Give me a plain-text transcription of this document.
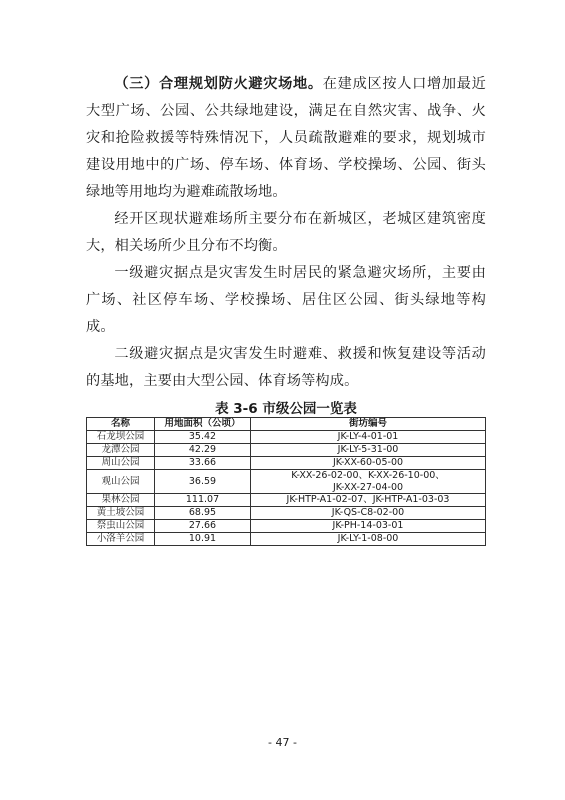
（三）合理规划防火避灾场地。在建成区按人口增加最近大型广场、公园、公共绿地建设，满足在自然灾害、战争、火灾和抢险救援等特殊情况下，人员疏散避难的要求，规划城市建设用地中的广场、停车场、体育场、学校操场、公园、街头绿地等用地均为避难疏散场地。

经开区现状避难场所主要分布在新城区，老城区建筑密度大，相关场所少且分布不均衡。

一级避灾据点是灾害发生时居民的紧急避灾场所，主要由广场、社区停车场、学校操场、居住区公园、街头绿地等构成。

二级避灾据点是灾害发生时避难、救援和恢复建设等活动的基地，主要由大型公园、体育场等构成。

表 3-6 市级公园一览表
名称	用地面积（公顷）	街坊编号
石龙坝公园	35.42	JK-LY-4-01-01
龙潭公园	42.29	JK-LY-5-31-00
周山公园	33.66	JK-XX-60-05-00
观山公园	36.59	K-XX-26-02-00、K-XX-26-10-00、
JK-XX-27-04-00

果林公园	111.07	JK-HTP-A1-02-07、JK-HTP-A1-03-03
黄土坡公园	68.95	JK-QS-C8-02-00
祭虫山公园	27.66	JK-PH-14-03-01
小洛羊公园	10.91	JK-LY-1-08-00
- 47 -
